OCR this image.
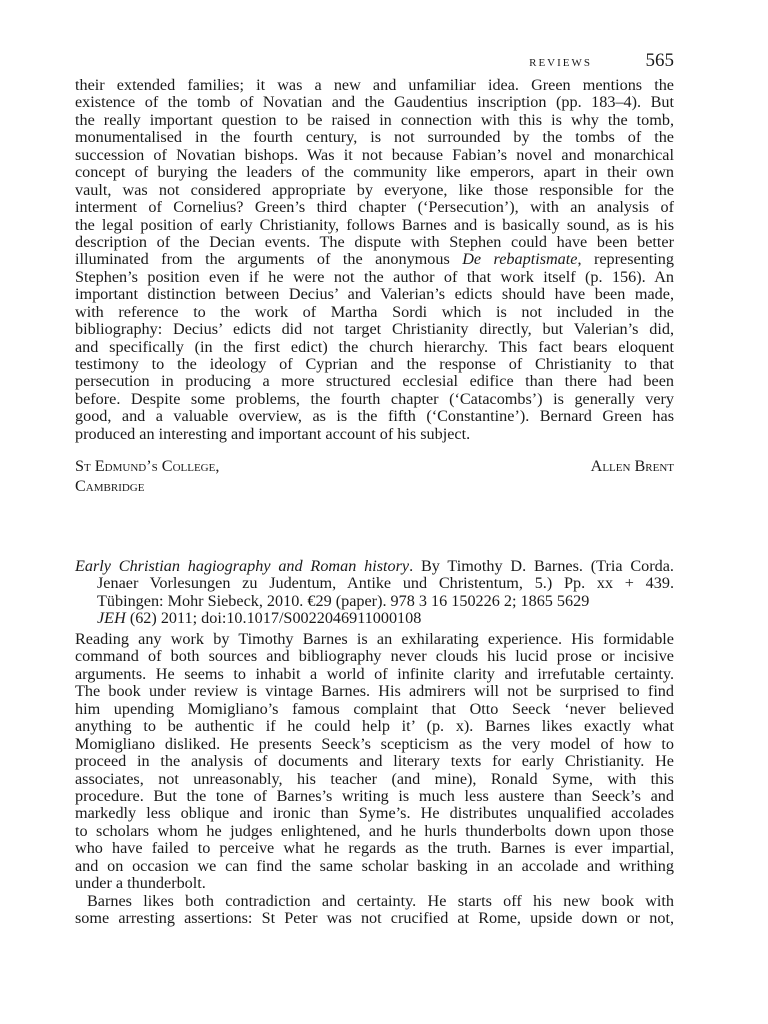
reviews	565
their extended families; it was a new and unfamiliar idea. Green mentions the
existence of the tomb of Novatian and the Gaudentius inscription (pp. 183–4). But
the really important question to be raised in connection with this is why the tomb,
monumentalised in the fourth century, is not surrounded by the tombs of the
succession of Novatian bishops. Was it not because Fabian’s novel and monarchical
concept of burying the leaders of the community like emperors, apart in their own
vault, was not considered appropriate by everyone, like those responsible for the
interment of Cornelius? Green’s third chapter (‘Persecution’), with an analysis of
the legal position of early Christianity, follows Barnes and is basically sound, as is his
description of the Decian events. The dispute with Stephen could have been better
illuminated from the arguments of the anonymous De rebaptismate, representing
Stephen’s position even if he were not the author of that work itself (p. 156). An
important distinction between Decius’ and Valerian’s edicts should have been made,
with reference to the work of Martha Sordi which is not included in the
bibliography: Decius’ edicts did not target Christianity directly, but Valerian’s did,
and specifically (in the first edict) the church hierarchy. This fact bears eloquent
testimony to the ideology of Cyprian and the response of Christianity to that
persecution in producing a more structured ecclesial edifice than there had been
before. Despite some problems, the fourth chapter (‘Catacombs’) is generally very
good, and a valuable overview, as is the fifth (‘Constantine’). Bernard Green has
produced an interesting and important account of his subject.
St Edmund’s College,
Cambridge
Allen Brent
Early Christian hagiography and Roman history. By Timothy D. Barnes. (Tria Corda.
Jenaer Vorlesungen zu Judentum, Antike und Christentum, 5.) Pp. xx + 439.
Tübingen: Mohr Siebeck, 2010. €29 (paper). 978 3 16 150226 2; 1865 5629
JEH (62) 2011; doi:10.1017/S0022046911000108
Reading any work by Timothy Barnes is an exhilarating experience. His formidable
command of both sources and bibliography never clouds his lucid prose or incisive
arguments. He seems to inhabit a world of infinite clarity and irrefutable certainty.
The book under review is vintage Barnes. His admirers will not be surprised to find
him upending Momigliano’s famous complaint that Otto Seeck ‘never believed
anything to be authentic if he could help it’ (p. x). Barnes likes exactly what
Momigliano disliked. He presents Seeck’s scepticism as the very model of how to
proceed in the analysis of documents and literary texts for early Christianity. He
associates, not unreasonably, his teacher (and mine), Ronald Syme, with this
procedure. But the tone of Barnes’s writing is much less austere than Seeck’s and
markedly less oblique and ironic than Syme’s. He distributes unqualified accolades
to scholars whom he judges enlightened, and he hurls thunderbolts down upon those
who have failed to perceive what he regards as the truth. Barnes is ever impartial,
and on occasion we can find the same scholar basking in an accolade and writhing
under a thunderbolt.
Barnes likes both contradiction and certainty. He starts off his new book with
some arresting assertions: St Peter was not crucified at Rome, upside down or not,
